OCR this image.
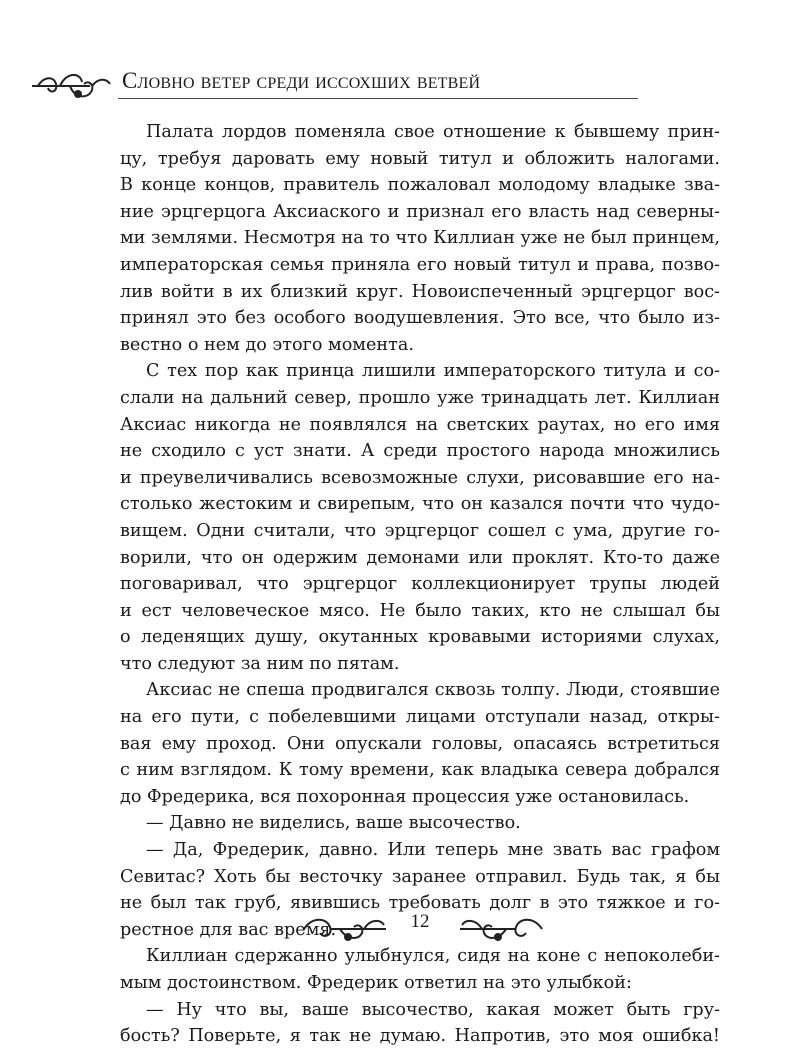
Словно ветер среди иссохших ветвей
Палата лордов поменяла свое отношение к бывшему прин-
цу, требуя даровать ему новый титул и обложить налогами.
В конце концов, правитель пожаловал молодому владыке зва-
ние эрцгерцога Аксиаского и признал его власть над северны-
ми землями. Несмотря на то что Киллиан уже не был принцем,
императорская семья приняла его новый титул и права, позво-
лив войти в их близкий круг. Новоиспеченный эрцгерцог вос-
принял это без особого воодушевления. Это все, что было из-
вестно о нем до этого момента.
С тех пор как принца лишили императорского титула и со-
слали на дальний север, прошло уже тринадцать лет. Киллиан
Аксиас никогда не появлялся на светских раутах, но его имя
не сходило с уст знати. А среди простого народа множились
и преувеличивались всевозможные слухи, рисовавшие его на-
столько жестоким и свирепым, что он казался почти что чудо-
вищем. Одни считали, что эрцгерцог сошел с ума, другие го-
ворили, что он одержим демонами или проклят. Кто-то даже
поговаривал, что эрцгерцог коллекционирует трупы людей
и ест человеческое мясо. Не было таких, кто не слышал бы
о леденящих душу, окутанных кровавыми историями слухах,
что следуют за ним по пятам.
Аксиас не спеша продвигался сквозь толпу. Люди, стоявшие
на его пути, с побелевшими лицами отступали назад, откры-
вая ему проход. Они опускали головы, опасаясь встретиться
с ним взглядом. К тому времени, как владыка севера добрался
до Фредерика, вся похоронная процессия уже остановилась.
— Давно не виделись, ваше высочество.
— Да, Фредерик, давно. Или теперь мне звать вас графом
Севитас? Хоть бы весточку заранее отправил. Будь так, я бы
не был так груб, явившись требовать долг в это тяжкое и го-
рестное для вас время.
Киллиан сдержанно улыбнулся, сидя на коне с непоколеби-
мым достоинством. Фредерик ответил на это улыбкой:
— Ну что вы, ваше высочество, какая может быть гру-
бость? Поверьте, я так не думаю. Напротив, это моя ошибка!
12
